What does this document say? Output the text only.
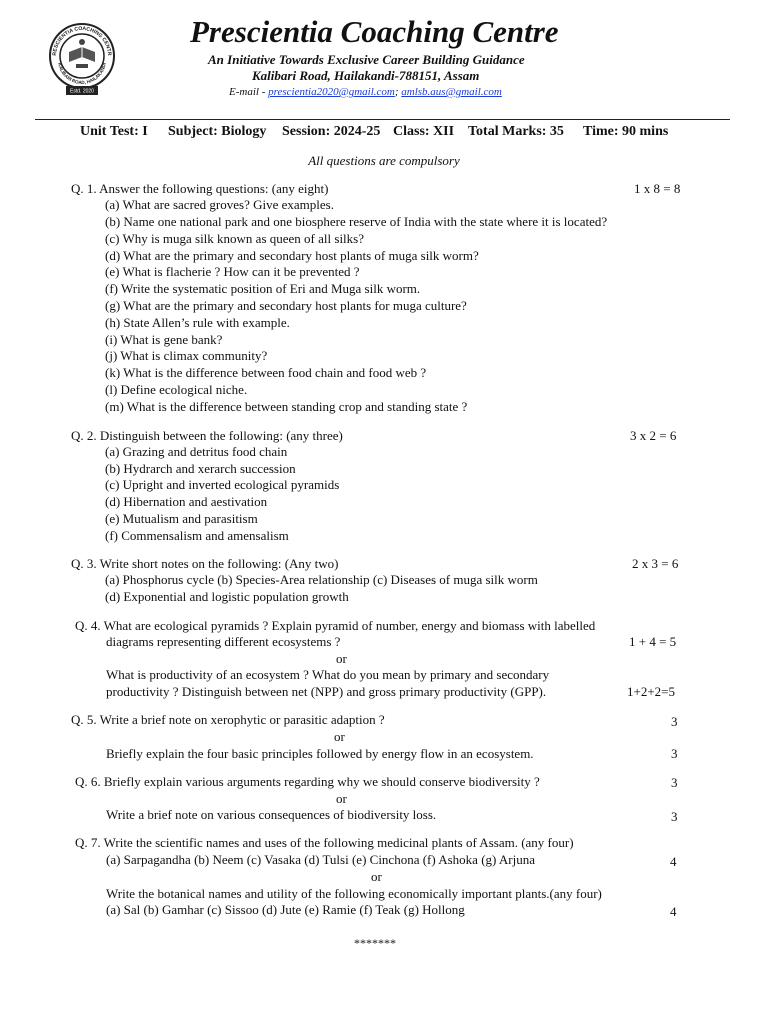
RESCIENTIA COACHING CENTR
KALIBARI ROAD, HAILAKANDI
Estd. 2020
Prescientia Coaching Centre
An Initiative Towards Exclusive Career Building Guidance
Kalibari Road, Hailakandi-788151, Assam
E-mail - prescientia2020@gmail.com; amlsb.aus@gmail.com
Unit Test: I Subject: Biology Session: 2024-25 Class: XII Total Marks: 35 Time: 90 mins
All questions are compulsory
Q. 1. Answer the following questions: (any eight)	1 x 8 = 8
(a) What are sacred groves? Give examples.
(b) Name one national park and one biosphere reserve of India with the state where it is located?
(c) Why is muga silk known as queen of all silks?
(d) What are the primary and secondary host plants of muga silk worm?
(e) What is flacherie ? How can it be prevented ?
(f) Write the systematic position of Eri and Muga silk worm.
(g) What are the primary and secondary host plants for muga culture?
(h) State Allen’s rule with example.
(i) What is gene bank?
(j) What is climax community?
(k) What is the difference between food chain and food web ?
(l) Define ecological niche.
(m) What is the difference between standing crop and standing state ?
Q. 2. Distinguish between the following: (any three)	3 x 2 = 6
(a) Grazing and detritus food chain
(b) Hydrarch and xerarch succession
(c) Upright and inverted ecological pyramids
(d) Hibernation and aestivation
(e) Mutualism and parasitism
(f) Commensalism and amensalism
Q. 3. Write short notes on the following: (Any two)	2 x 3 = 6
(a) Phosphorus cycle (b) Species-Area relationship (c) Diseases of muga silk worm
(d) Exponential and logistic population growth
Q. 4. What are ecological pyramids ? Explain pyramid of number, energy and biomass with labelled
diagrams representing different ecosystems ?	1 + 4 = 5
or
What is productivity of an ecosystem ? What do you mean by primary and secondary
productivity ? Distinguish between net (NPP) and gross primary productivity (GPP).	1+2+2=5
Q. 5. Write a brief note on xerophytic or parasitic adaption ?	3
or
Briefly explain the four basic principles followed by energy flow in an ecosystem.	3
Q. 6. Briefly explain various arguments regarding why we should conserve biodiversity ?	3
or
Write a brief note on various consequences of biodiversity loss.	3
Q. 7. Write the scientific names and uses of the following medicinal plants of Assam. (any four)
(a) Sarpagandha (b) Neem (c) Vasaka (d) Tulsi (e) Cinchona (f) Ashoka (g) Arjuna	4
or
Write the botanical names and utility of the following economically important plants.(any four)
(a) Sal (b) Gamhar (c) Sissoo (d) Jute (e) Ramie (f) Teak (g) Hollong	4
*******
